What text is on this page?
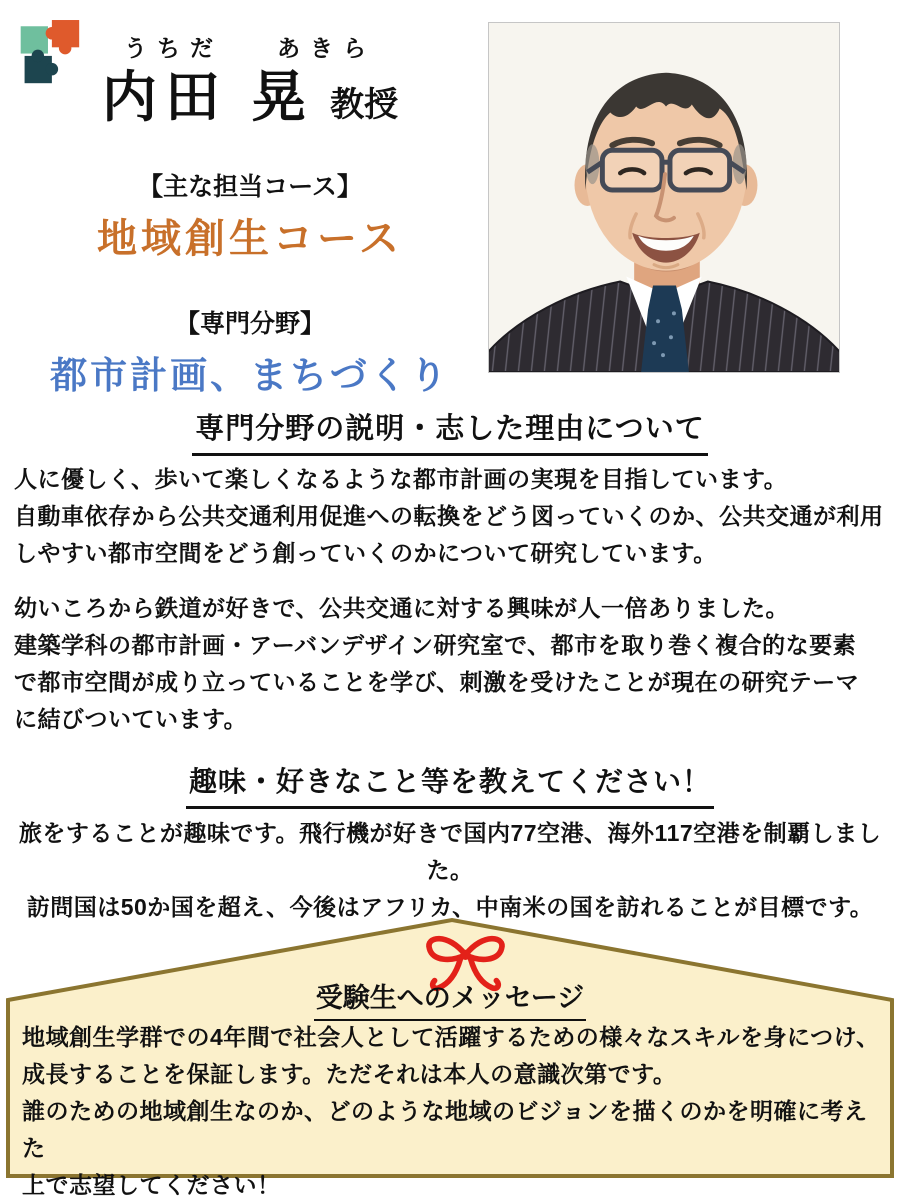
うちだ あきら
内田 晃 教授
【主な担当コース】
地域創生コース
【専門分野】
都市計画、まちづくり
専門分野の説明・志した理由について

人に優しく、歩いて楽しくなるような都市計画の実現を目指しています。
自動車依存から公共交通利用促進への転換をどう図っていくのか、公共交通が利用
しやすい都市空間をどう創っていくのかについて研究しています。

幼いころから鉄道が好きで、公共交通に対する興味が人一倍ありました。
建築学科の都市計画・アーバンデザイン研究室で、都市を取り巻く複合的な要素
で都市空間が成り立っていることを学び、刺激を受けたことが現在の研究テーマ
に結びついています。

趣味・好きなこと等を教えてください！

旅をすることが趣味です。飛行機が好きで国内77空港、海外117空港を制覇しました。
訪問国は50か国を超え、今後はアフリカ、中南米の国を訪れることが目標です。

受験生へのメッセージ

地域創生学群での4年間で社会人として活躍するための様々なスキルを身につけ、
成長することを保証します。ただそれは本人の意識次第です。
誰のための地域創生なのか、どのような地域のビジョンを描くのかを明確に考えた
上で志望してください！
